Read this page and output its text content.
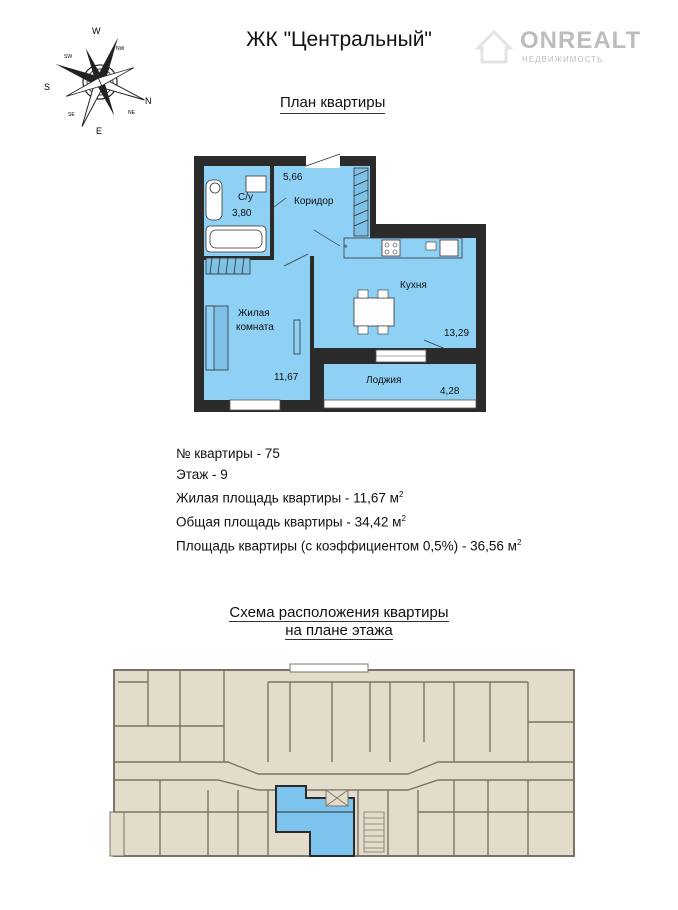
ЖК "Центральный"	ONREALT
НЕДВИЖИМОСТЬ
W
N
E
S
NW
NE
SW
SE
План квартиры
*
5,66
Коридор
С/у
3,80
Кухня
13,29
Жилая
комната
11,67	Лоджия
4,28
№ квартиры - 75
Этаж - 9
Жилая площадь квартиры - 11,67 $м^2$
Общая площадь квартиры - 34,42 $м^2$
Площадь квартиры (с коэффициентом 0,5%) - 36,56 $м^2$
Схема расположения квартиры
на плане этажа
